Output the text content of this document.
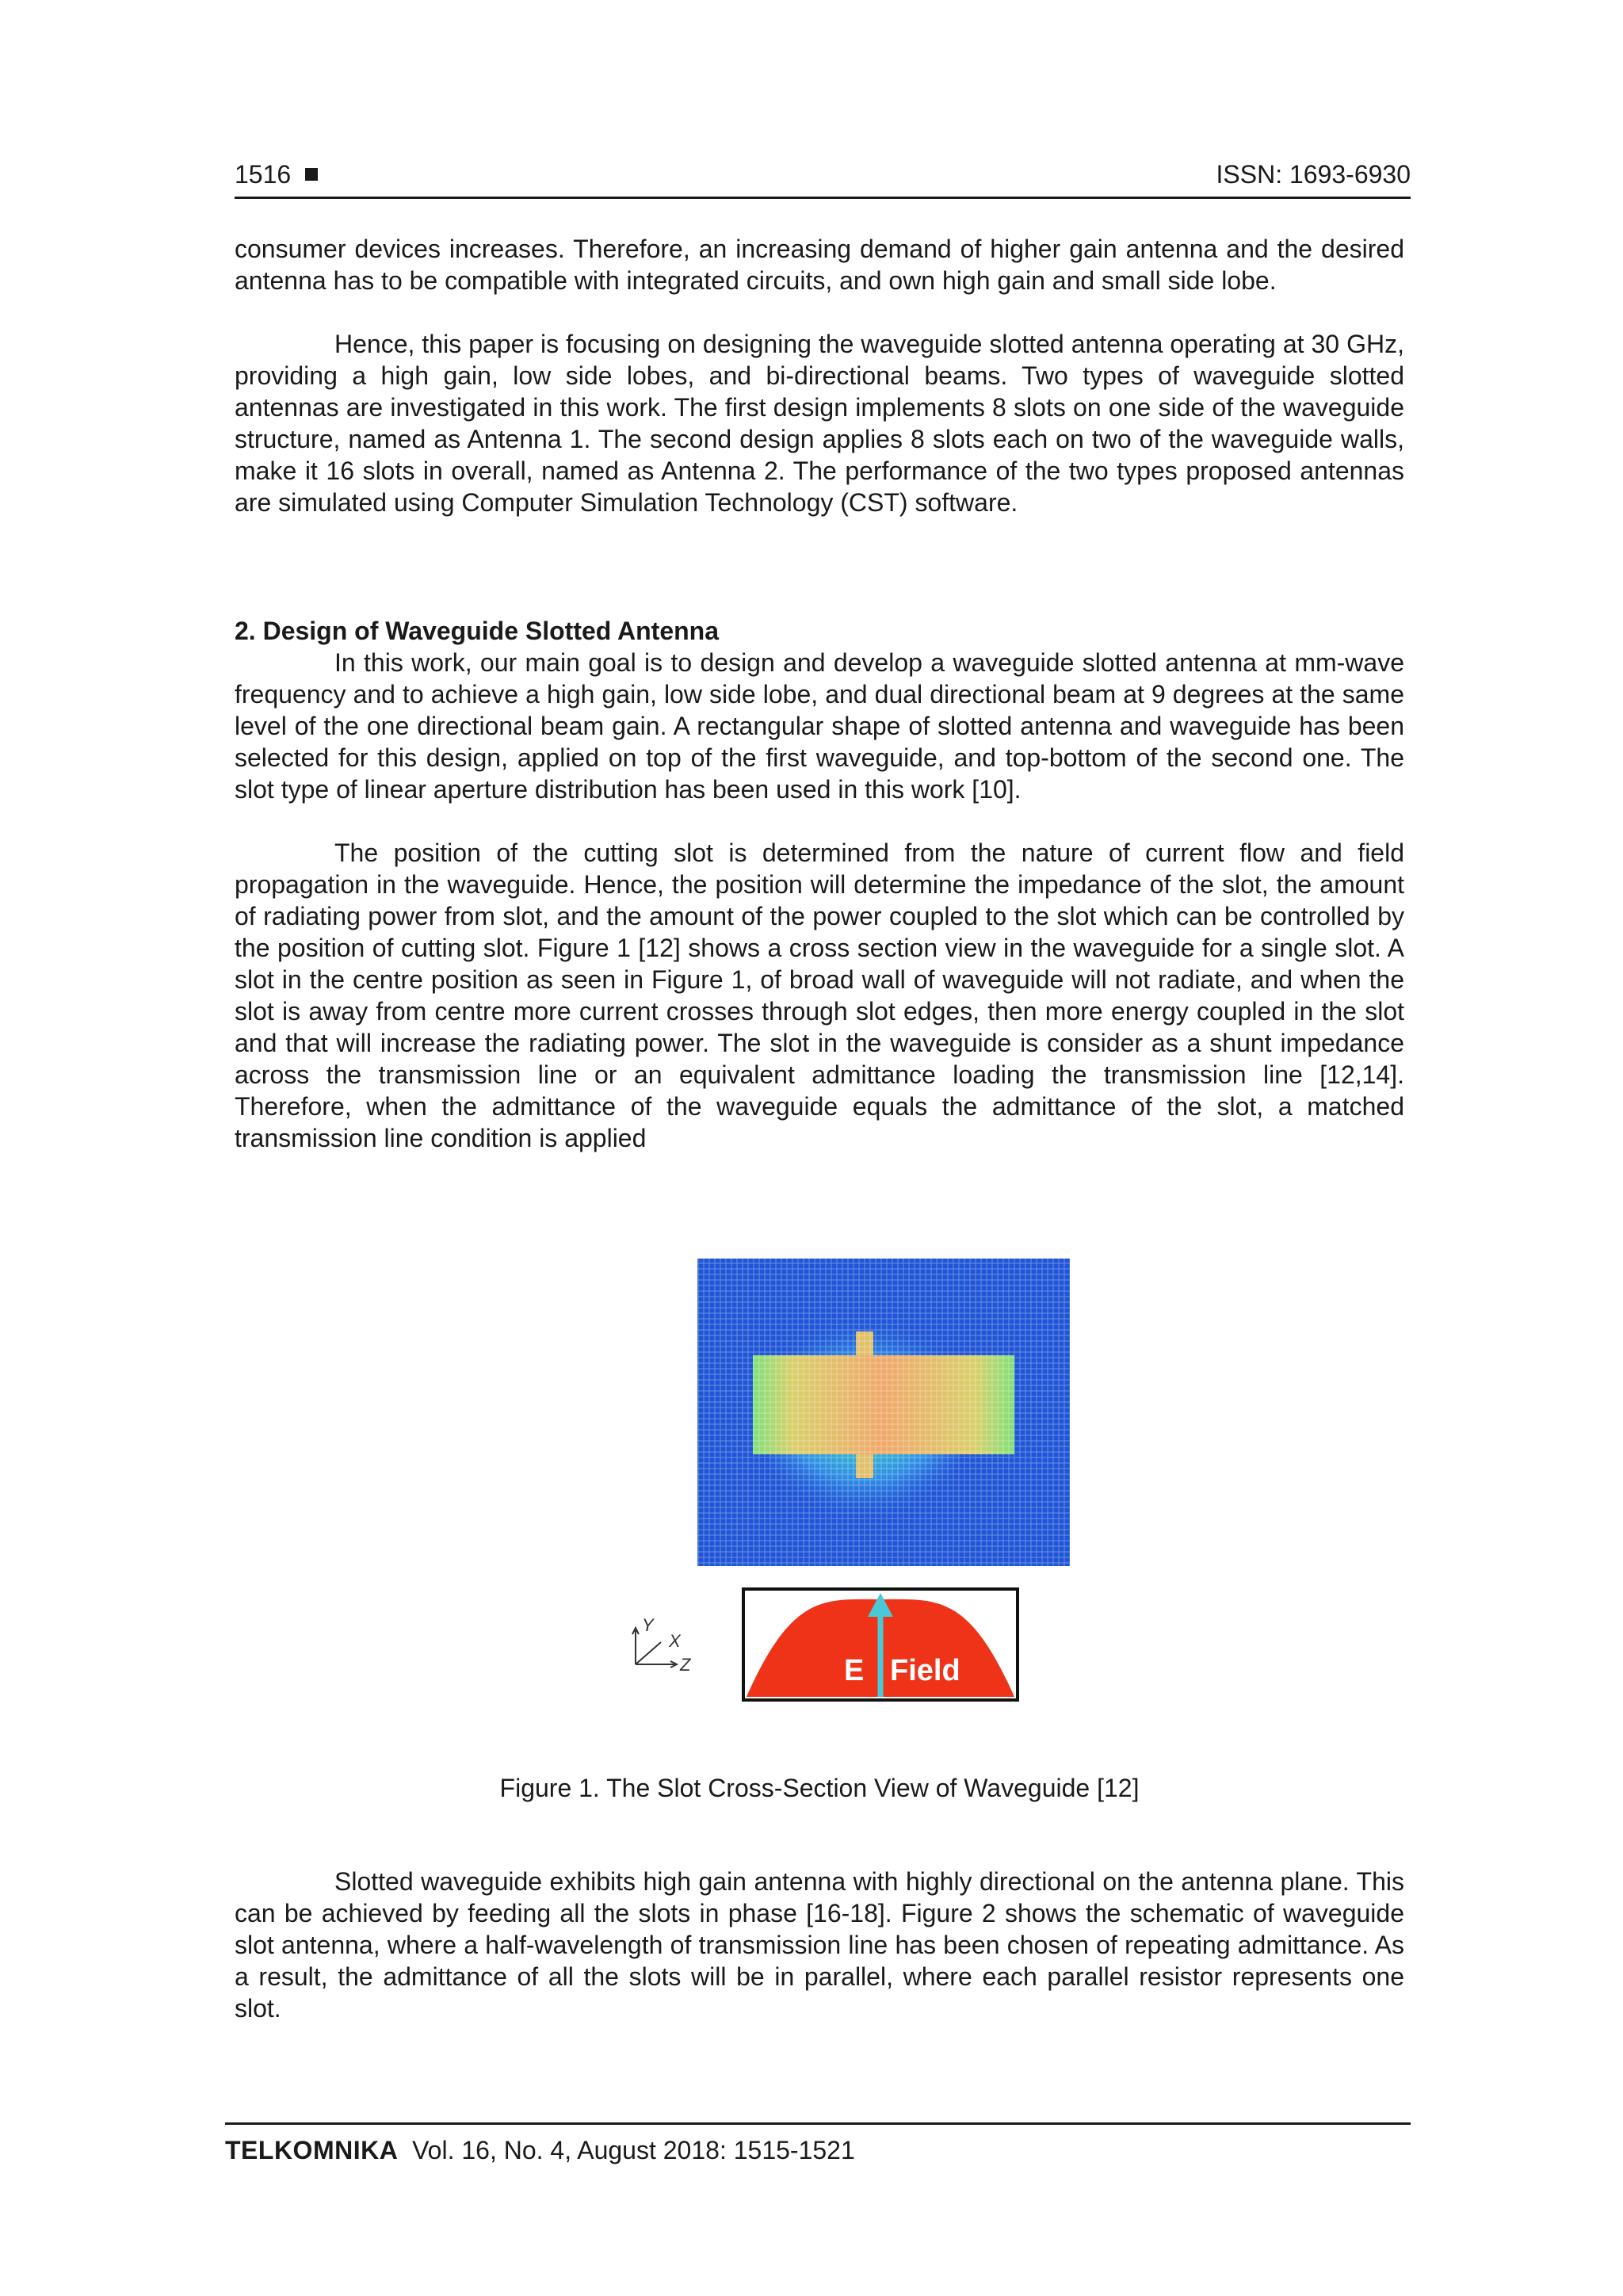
1516	ISSN: 1693-6930

consumer devices increases. Therefore, an increasing demand of higher gain antenna and the desired antenna has to be compatible with integrated circuits, and own high gain and small side lobe.

Hence, this paper is focusing on designing the waveguide slotted antenna operating at 30 GHz, providing a high gain, low side lobes, and bi-directional beams. Two types of waveguide slotted antennas are investigated in this work. The first design implements 8 slots on one side of the waveguide structure, named as Antenna 1. The second design applies 8 slots each on two of the waveguide walls, make it 16 slots in overall, named as Antenna 2. The performance of the two types proposed antennas are simulated using Computer Simulation Technology (CST) software.

2. Design of Waveguide Slotted Antenna

In this work, our main goal is to design and develop a waveguide slotted antenna at mm-wave frequency and to achieve a high gain, low side lobe, and dual directional beam at 9 degrees at the same level of the one directional beam gain. A rectangular shape of slotted antenna and waveguide has been selected for this design, applied on top of the first waveguide, and top-bottom of the second one. The slot type of linear aperture distribution has been used in this work [10].

The position of the cutting slot is determined from the nature of current flow and field propagation in the waveguide. Hence, the position will determine the impedance of the slot, the amount of radiating power from slot, and the amount of the power coupled to the slot which can be controlled by the position of cutting slot. Figure 1 [12] shows a cross section view in the waveguide for a single slot. A slot in the centre position as seen in Figure 1, of broad wall of waveguide will not radiate, and when the slot is away from centre more current crosses through slot edges, then more energy coupled in the slot and that will increase the radiating power. The slot in the waveguide is consider as a shunt impedance across the transmission line or an equivalent admittance loading the transmission line [12,14]. Therefore, when the admittance of the waveguide equals the admittance of the slot, a matched transmission line condition is applied

Y
X
Z	E Field

Figure 1. The Slot Cross-Section View of Waveguide [12]

Slotted waveguide exhibits high gain antenna with highly directional on the antenna plane. This can be achieved by feeding all the slots in phase [16-18]. Figure 2 shows the schematic of waveguide slot antenna, where a half-wavelength of transmission line has been chosen of repeating admittance. As a result, the admittance of all the slots will be in parallel, where each parallel resistor represents one slot.

TELKOMNIKA Vol. 16, No. 4, August 2018: 1515-1521
